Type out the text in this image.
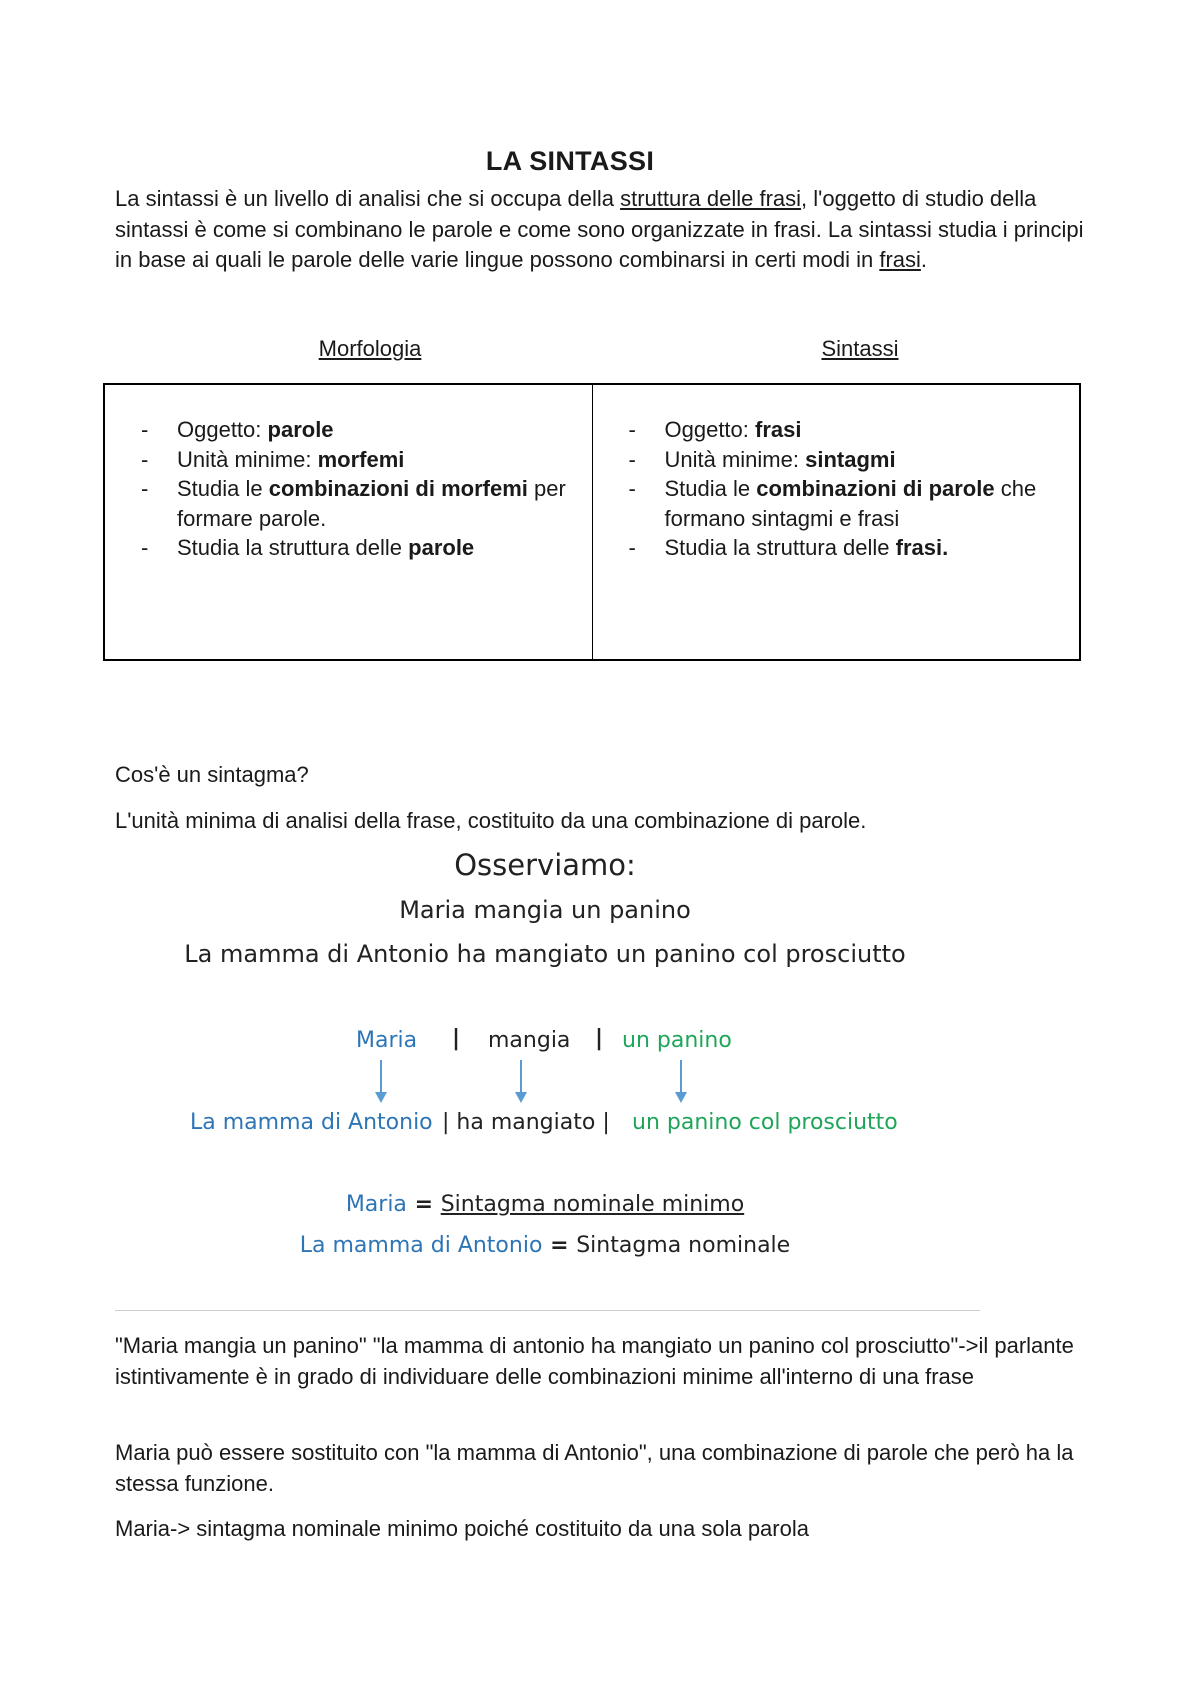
LA SINTASSI

La sintassi è un livello di analisi che si occupa della struttura delle frasi, l'oggetto di studio della sintassi è come si combinano le parole e come sono organizzate in frasi. La sintassi studia i principi in base ai quali le parole delle varie lingue possono combinarsi in certi modi in frasi.

Morfologia	Sintassi
- Oggetto: parole
- Unità minime: morfemi
- Studia le combinazioni di morfemi per formare parole.
- Studia la struttura delle parole
- Oggetto: frasi
- Unità minime: sintagmi
- Studia le combinazioni di parole che formano sintagmi e frasi
- Studia la struttura delle frasi.
Cos'è un sintagma?
L'unità minima di analisi della frase, costituito da una combinazione di parole.
Osserviamo:
Maria mangia un panino
La mamma di Antonio ha mangiato un panino col prosciutto
Maria | mangia | un panino
La mamma di Antonio | ha mangiato | un panino col prosciutto
Maria = Sintagma nominale minimo
La mamma di Antonio = Sintagma nominale
"Maria mangia un panino" "la mamma di antonio ha mangiato un panino col prosciutto"->il parlante istintivamente è in grado di individuare delle combinazioni minime all'interno di una frase
Maria può essere sostituito con "la mamma di Antonio", una combinazione di parole che però ha la stessa funzione.
Maria-> sintagma nominale minimo poiché costituito da una sola parola
